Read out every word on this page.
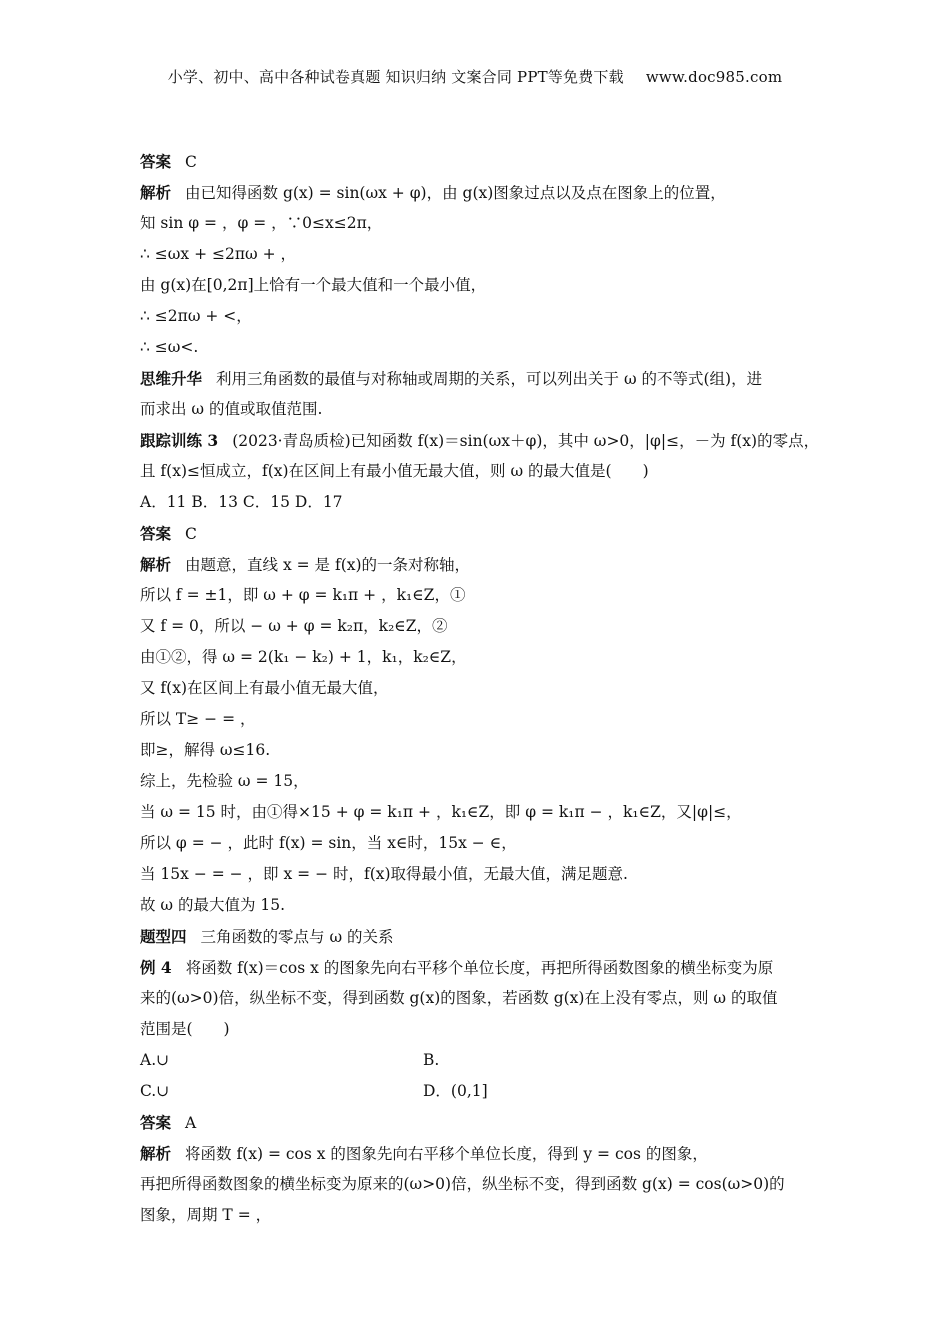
小学、初中、高中各种试卷真题 知识归纳 文案合同 PPT等免费下载 www.doc985.com
答案 C
解析 由已知得函数 g(x) = sin(ωx + φ)，由 g(x)图象过点以及点在图象上的位置，
知 sin φ = ，φ = ，∵0≤x≤2π，
∴ ≤ωx + ≤2πω + ，
由 g(x)在[0,2π]上恰有一个最大值和一个最小值，
∴ ≤2πω + <，
∴ ≤ω<.
思维升华 利用三角函数的最值与对称轴或周期的关系，可以列出关于 ω 的不等式(组)，进
而求出 ω 的值或取值范围.
跟踪训练 3 (2023·青岛质检)已知函数 f(x)＝sin(ωx＋φ)，其中 ω>0，|φ|≤，－为 f(x)的零点，
且 f(x)≤恒成立，f(x)在区间上有最小值无最大值，则 ω 的最大值是(　　)
A．11 B．13 C．15 D．17
答案 C
解析 由题意，直线 x = 是 f(x)的一条对称轴，
所以 f = ±1，即 ω + φ = k₁π + ，k₁∈Z，①
又 f = 0，所以 − ω + φ = k₂π，k₂∈Z，②
由①②，得 ω = 2(k₁ − k₂) + 1，k₁，k₂∈Z，
又 f(x)在区间上有最小值无最大值，
所以 T≥ − = ，
即≥，解得 ω≤16.
综上，先检验 ω = 15，
当 ω = 15 时，由①得×15 + φ = k₁π + ，k₁∈Z，即 φ = k₁π − ，k₁∈Z，又|φ|≤，
所以 φ = − ，此时 f(x) = sin，当 x∈时，15x − ∈，
当 15x − = − ，即 x = − 时，f(x)取得最小值，无最大值，满足题意.
故 ω 的最大值为 15.
题型四 三角函数的零点与 ω 的关系
例 4 将函数 f(x)＝cos x 的图象先向右平移个单位长度，再把所得函数图象的横坐标变为原
来的(ω>0)倍，纵坐标不变，得到函数 g(x)的图象，若函数 g(x)在上没有零点，则 ω 的取值
范围是(　　)
A.∪	B.
C.∪	D．(0,1]
答案 A
解析 将函数 f(x) = cos x 的图象先向右平移个单位长度，得到 y = cos 的图象，
再把所得函数图象的横坐标变为原来的(ω>0)倍，纵坐标不变，得到函数 g(x) = cos(ω>0)的
图象，周期 T = ，
